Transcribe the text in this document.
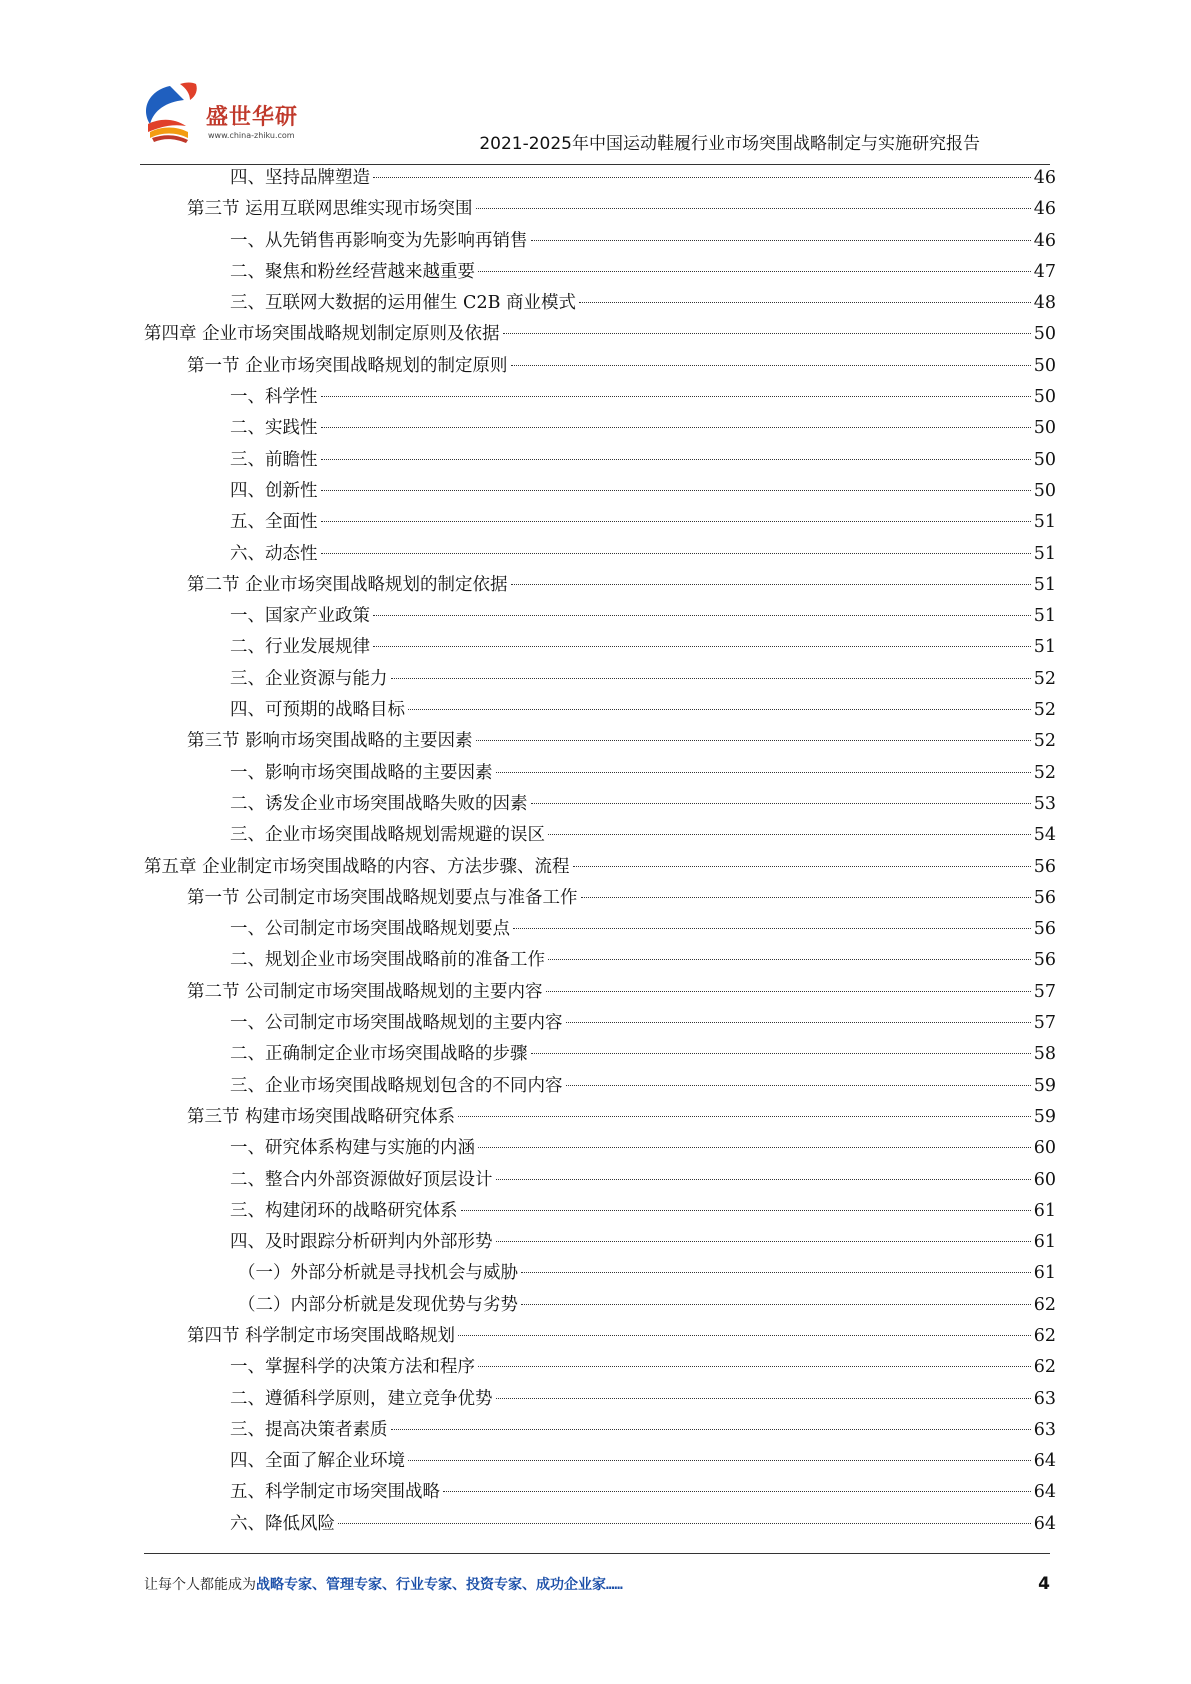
盛世华研
www.china-zhiku.com	2021-2025年中国运动鞋履行业市场突围战略制定与实施研究报告
四、坚持品牌塑造	46
第三节 运用互联网思维实现市场突围	46
一、从先销售再影响变为先影响再销售	46
二、聚焦和粉丝经营越来越重要	47
三、互联网大数据的运用催生 C2B 商业模式	48
第四章 企业市场突围战略规划制定原则及依据	50
第一节 企业市场突围战略规划的制定原则	50
一、科学性	50
二、实践性	50
三、前瞻性	50
四、创新性	50
五、全面性	51
六、动态性	51
第二节 企业市场突围战略规划的制定依据	51
一、国家产业政策	51
二、行业发展规律	51
三、企业资源与能力	52
四、可预期的战略目标	52
第三节 影响市场突围战略的主要因素	52
一、影响市场突围战略的主要因素	52
二、诱发企业市场突围战略失败的因素	53
三、企业市场突围战略规划需规避的误区	54
第五章 企业制定市场突围战略的内容、方法步骤、流程	56
第一节 公司制定市场突围战略规划要点与准备工作	56
一、公司制定市场突围战略规划要点	56
二、规划企业市场突围战略前的准备工作	56
第二节 公司制定市场突围战略规划的主要内容	57
一、公司制定市场突围战略规划的主要内容	57
二、正确制定企业市场突围战略的步骤	58
三、企业市场突围战略规划包含的不同内容	59
第三节 构建市场突围战略研究体系	59
一、研究体系构建与实施的内涵	60
二、整合内外部资源做好顶层设计	60
三、构建闭环的战略研究体系	61
四、及时跟踪分析研判内外部形势	61
（一）外部分析就是寻找机会与威胁	61
（二）内部分析就是发现优势与劣势	62
第四节 科学制定市场突围战略规划	62
一、掌握科学的决策方法和程序	62
二、遵循科学原则，建立竞争优势	63
三、提高决策者素质	63
四、全面了解企业环境	64
五、科学制定市场突围战略	64
六、降低风险	64
让每个人都能成为战略专家、管理专家、行业专家、投资专家、成功企业家……	4
